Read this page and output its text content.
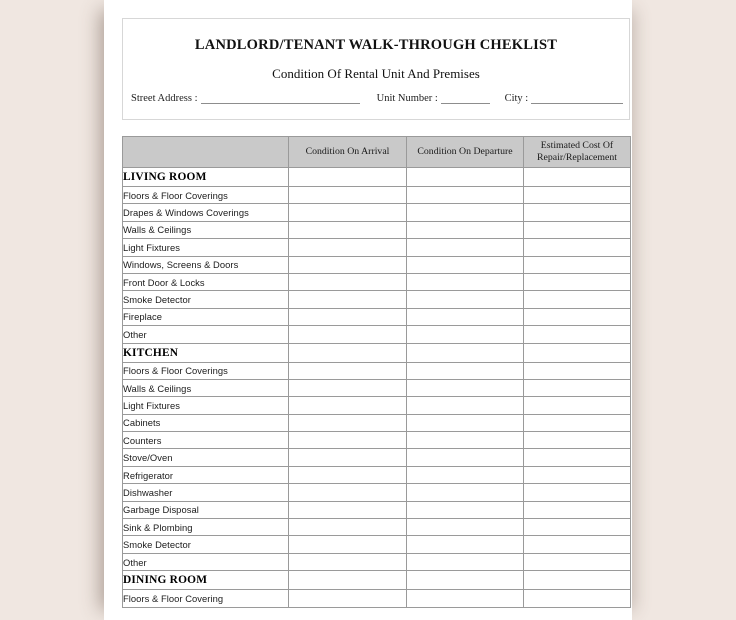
LANDLORD/TENANT WALK-THROUGH CHEKLIST
Condition Of Rental Unit And Premises
Street Address :	Unit Number :	City :
	Condition On Arrival	Condition On Departure	Estimated Cost Of
Repair/Replacement
LIVING ROOM			
Floors & Floor Coverings			
Drapes & Windows Coverings			
Walls & Ceilings			
Light Fixtures			
Windows, Screens & Doors			
Front Door & Locks			
Smoke Detector			
Fireplace			
Other			
KITCHEN			
Floors & Floor Coverings			
Walls & Ceilings			
Light Fixtures			
Cabinets			
Counters			
Stove/Oven			
Refrigerator			
Dishwasher			
Garbage Disposal			
Sink & Plombing			
Smoke Detector			
Other			
DINING ROOM			
Floors & Floor Covering			
